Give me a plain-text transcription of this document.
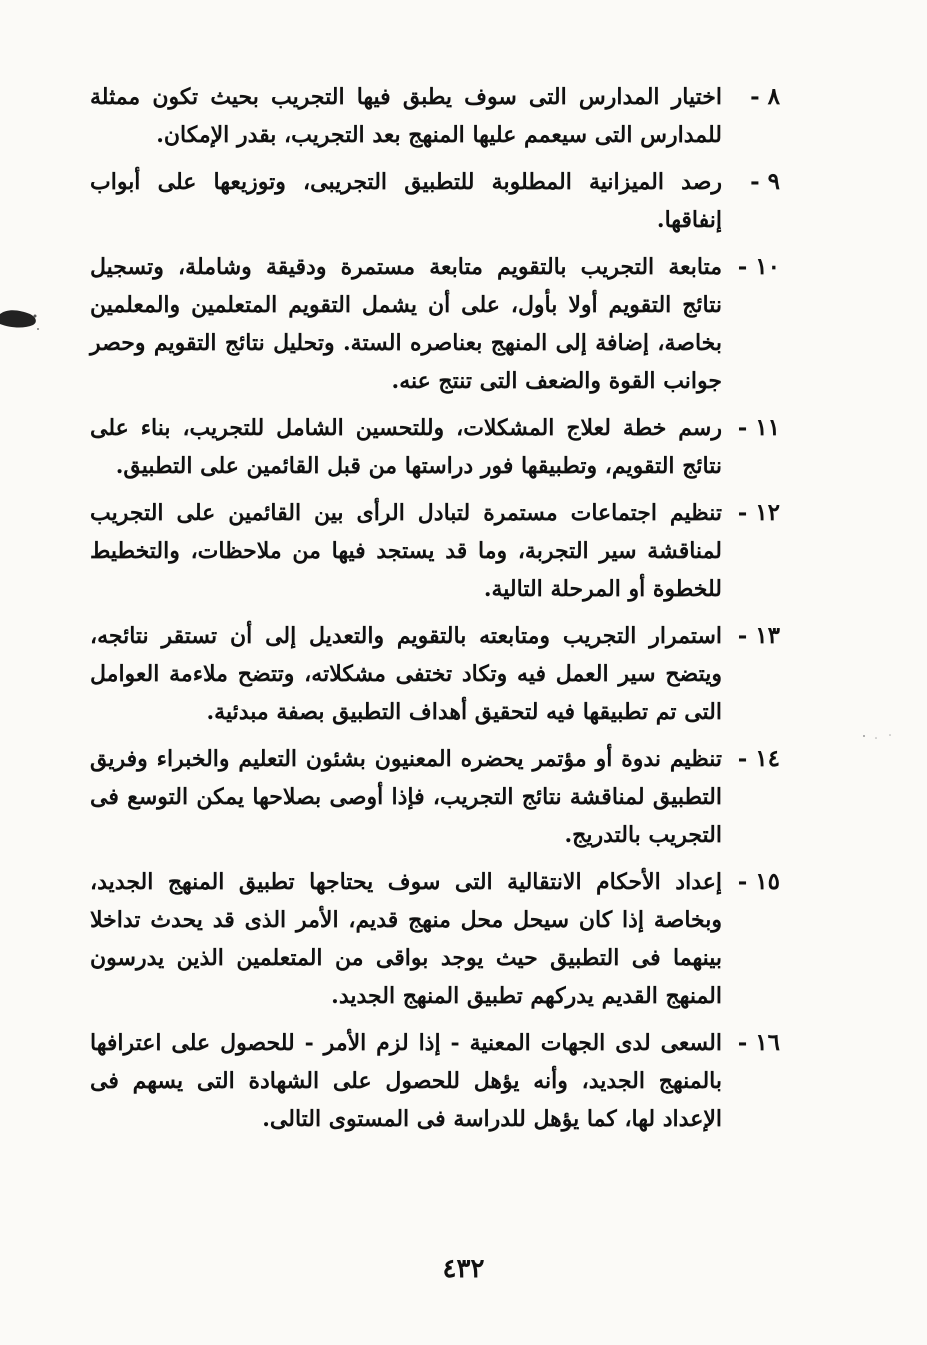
٨ -
اختيار المدارس التى سوف يطبق فيها التجريب بحيث تكون ممثلة للمدارس التى سيعمم عليها المنهج بعد التجريب، بقدر الإمكان.
٩ -
رصد الميزانية المطلوبة للتطبيق التجريبى، وتوزيعها على أبواب إنفاقها.
١٠ -
متابعة التجريب بالتقويم متابعة مستمرة ودقيقة وشاملة، وتسجيل نتائج التقويم أولا بأول، على أن يشمل التقويم المتعلمين والمعلمين بخاصة، إضافة إلى المنهج بعناصره الستة. وتحليل نتائج التقويم وحصر جوانب القوة والضعف التى تنتج عنه.
١١ -
رسم خطة لعلاج المشكلات، وللتحسين الشامل للتجريب، بناء على نتائج التقويم، وتطبيقها فور دراستها من قبل القائمين على التطبيق.
١٢ -
تنظيم اجتماعات مستمرة لتبادل الرأى بين القائمين على التجريب لمناقشة سير التجربة، وما قد يستجد فيها من ملاحظات، والتخطيط للخطوة أو المرحلة التالية.
١٣ -
استمرار التجريب ومتابعته بالتقويم والتعديل إلى أن تستقر نتائجه، ويتضح سير العمل فيه وتكاد تختفى مشكلاته، وتتضح ملاءمة العوامل التى تم تطبيقها فيه لتحقيق أهداف التطبيق بصفة مبدئية.
١٤ -
تنظيم ندوة أو مؤتمر يحضره المعنيون بشئون التعليم والخبراء وفريق التطبيق لمناقشة نتائج التجريب، فإذا أوصى بصلاحها يمكن التوسع فى التجريب بالتدريج.
١٥ -
إعداد الأحكام الانتقالية التى سوف يحتاجها تطبيق المنهج الجديد، وبخاصة إذا كان سيحل محل منهج قديم، الأمر الذى قد يحدث تداخلا بينهما فى التطبيق حيث يوجد بواقى من المتعلمين الذين يدرسون المنهج القديم يدركهم تطبيق المنهج الجديد.
١٦ -
السعى لدى الجهات المعنية - إذا لزم الأمر - للحصول على اعترافها بالمنهج الجديد، وأنه يؤهل للحصول على الشهادة التى يسهم فى الإعداد لها، كما يؤهل للدراسة فى المستوى التالى.
٤٣٢
